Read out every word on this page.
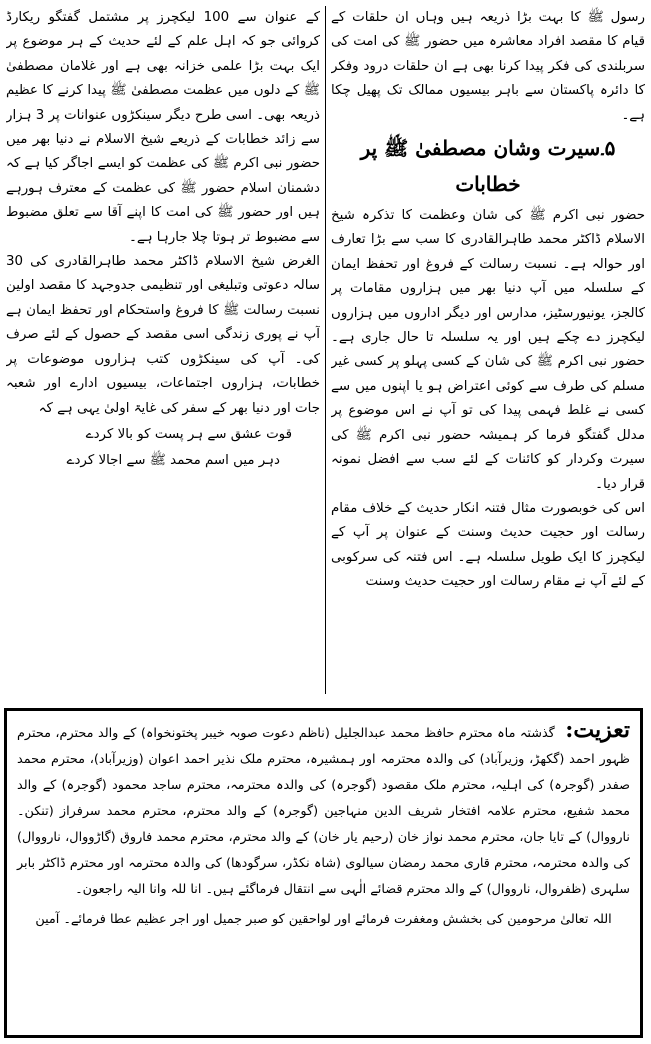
رسول ﷺ کا بہت بڑا ذریعہ ہیں وہاں ان حلقات کے قیام کا مقصد افراد معاشرہ میں حضور ﷺ کی امت کی سربلندی کی فکر پیدا کرنا بھی ہے ان حلقات درود وفکر کا دائرہ پاکستان سے باہر بیسیوں ممالک تک پھیل چکا ہے۔

۵۔سیرت وشان مصطفیٰ ﷺ پر خطابات

حضور نبی اکرم ﷺ کی شان وعظمت کا تذکرہ شیخ الاسلام ڈاکٹر محمد طاہرالقادری کا سب سے بڑا تعارف اور حوالہ ہے۔ نسبت رسالت کے فروغ اور تحفظ ایمان کے سلسلہ میں آپ دنیا بھر میں ہزاروں مقامات پر کالجز، یونیورسٹیز، مدارس اور دیگر اداروں میں ہزاروں لیکچرز دے چکے ہیں اور یہ سلسلہ تا حال جاری ہے۔ حضور نبی اکرم ﷺ کی شان کے کسی پہلو پر کسی غیر مسلم کی طرف سے کوئی اعتراض ہو یا اپنوں میں سے کسی نے غلط فہمی پیدا کی تو آپ نے اس موضوع پر مدلل گفتگو فرما کر ہمیشہ حضور نبی اکرم ﷺ کی سیرت وکردار کو کائنات کے لئے سب سے افضل نمونہ قرار دیا۔

اس کی خوبصورت مثال فتنہ انکار حدیث کے خلاف مقام رسالت اور حجیت حدیث وسنت کے عنوان پر آپ کے لیکچرز کا ایک طویل سلسلہ ہے۔ اس فتنہ کی سرکوبی کے لئے آپ نے مقام رسالت اور حجیت حدیث وسنت

کے عنوان سے 100 لیکچرز پر مشتمل گفتگو ریکارڈ کروائی جو کہ اہل علم کے لئے حدیث کے ہر موضوع پر ایک بہت بڑا علمی خزانہ بھی ہے اور غلامان مصطفیٰ ﷺ کے دلوں میں عظمت مصطفیٰ ﷺ پیدا کرنے کا عظیم ذریعہ بھی۔ اسی طرح دیگر سینکڑوں عنوانات پر 3 ہزار سے زائد خطابات کے ذریعے شیخ الاسلام نے دنیا بھر میں حضور نبی اکرم ﷺ کی عظمت کو ایسے اجاگر کیا ہے کہ دشمنان اسلام حضور ﷺ کی عظمت کے معترف ہورہے ہیں اور حضور ﷺ کی امت کا اپنے آقا سے تعلق مضبوط سے مضبوط تر ہوتا چلا جارہا ہے۔

الغرض شیخ الاسلام ڈاکٹر محمد طاہرالقادری کی 30 سالہ دعوتی وتبلیغی اور تنظیمی جدوجہد کا مقصد اولین نسبت رسالت ﷺ کا فروغ واستحکام اور تحفظ ایمان ہے آپ نے پوری زندگی اسی مقصد کے حصول کے لئے صرف کی۔ آپ کی سینکڑوں کتب ہزاروں موضوعات پر خطابات، ہزاروں اجتماعات، بیسیوں ادارے اور شعبہ جات اور دنیا بھر کے سفر کی غایۃ اولیٰ یہی ہے کہ

قوت عشق سے ہر پست کو بالا کردے
دہر میں اسم محمد ﷺ سے اجالا کردے

تعزیت: گذشتہ ماہ محترم حافظ محمد عبدالجلیل (ناظم دعوت صوبہ خیبر پختونخواہ) کے والد محترم، محترم ظہور احمد (گکھڑ، وزیرآباد) کی والدہ محترمہ اور ہمشیرہ، محترم ملک نذیر احمد اعوان (وزیرآباد)، محترم محمد صفدر (گوجرہ) کی اہلیہ، محترم ملک مقصود (گوجرہ) کی والدہ محترمہ، محترم ساجد محمود (گوجرہ) کے والد محمد شفیع، محترم علامہ افتخار شریف الدین منہاجین (گوجرہ) کے والد محترم، محترم محمد سرفراز (تنکن۔ نارووال) کے تایا جان، محترم محمد نواز خان (رحیم یار خان) کے والد محترم، محترم محمد فاروق (گاڑووال، نارووال) کی والدہ محترمہ، محترم قاری محمد رمضان سیالوی (شاہ نکڈر، سرگودھا) کی والدہ محترمہ اور محترم ڈاکٹر بابر سلہری (ظفروال، نارووال) کے والد محترم قضائے الٰہی سے انتقال فرماگئے ہیں۔ انا للہ وانا الیہ راجعون۔

اللہ تعالیٰ مرحومین کی بخشش ومغفرت فرمائے اور لواحقین کو صبر جمیل اور اجر عظیم عطا فرمائے۔ آمین
